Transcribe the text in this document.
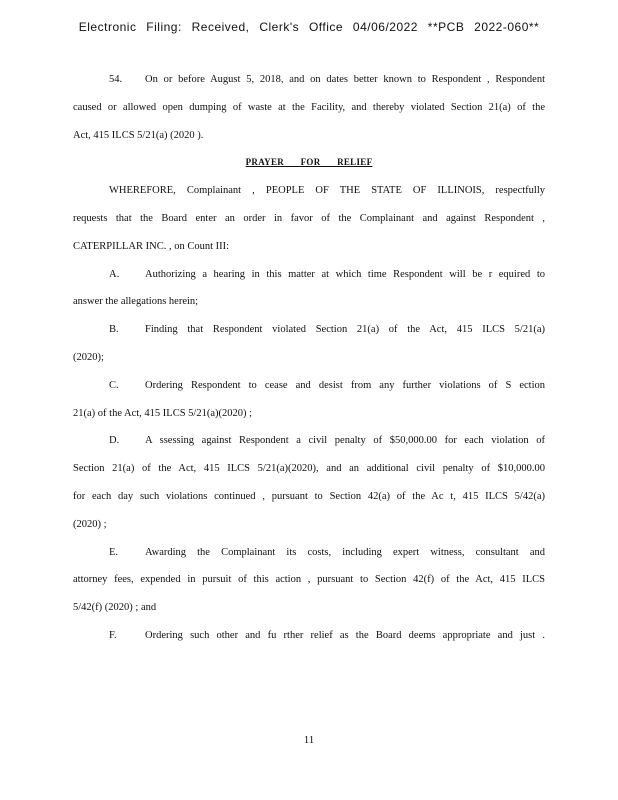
Electronic Filing: Received, Clerk's Office 04/06/2022 **PCB 2022-060**
54. On or before August 5, 2018, and on dates better known to Respondent , Respondent
caused or allowed open dumping of waste at the Facility, and thereby violated Section 21(a) of the
Act, 415 ILCS 5/21(a) (2020 ).
PRAYER FOR RELIEF
WHEREFORE, Complainant , PEOPLE OF THE STATE OF ILLINOIS, respectfully
requests that the Board enter an order in favor of the Complainant and against Respondent ,
CATERPILLAR INC. , on Count III:
A. Authorizing a hearing in this matter at which time Respondent will be r equired to
answer the allegations herein;
B.	Finding that Respondent violated Section 21(a) of the Act, 415 ILCS 5/21(a)
(2020);
C.	Ordering Respondent to cease and desist from any further violations of S ection
21(a) of the Act, 415 ILCS 5/21(a)(2020) ;
D. A ssessing against Respondent a civil penalty of $50,000.00 for each violation of
Section 21(a) of the Act, 415 ILCS 5/21(a)(2020), and an additional civil penalty of $10,000.00
for each day such violations continued , pursuant to Section 42(a) of the Ac t, 415 ILCS 5/42(a)
(2020) ;
E.	Awarding the Complainant its costs, including expert witness, consultant and
attorney fees, expended in pursuit of this action , pursuant to Section 42(f) of the Act, 415 ILCS
5/42(f) (2020) ; and
F.	Ordering such other and fu rther relief as the Board deems appropriate and just .
11
